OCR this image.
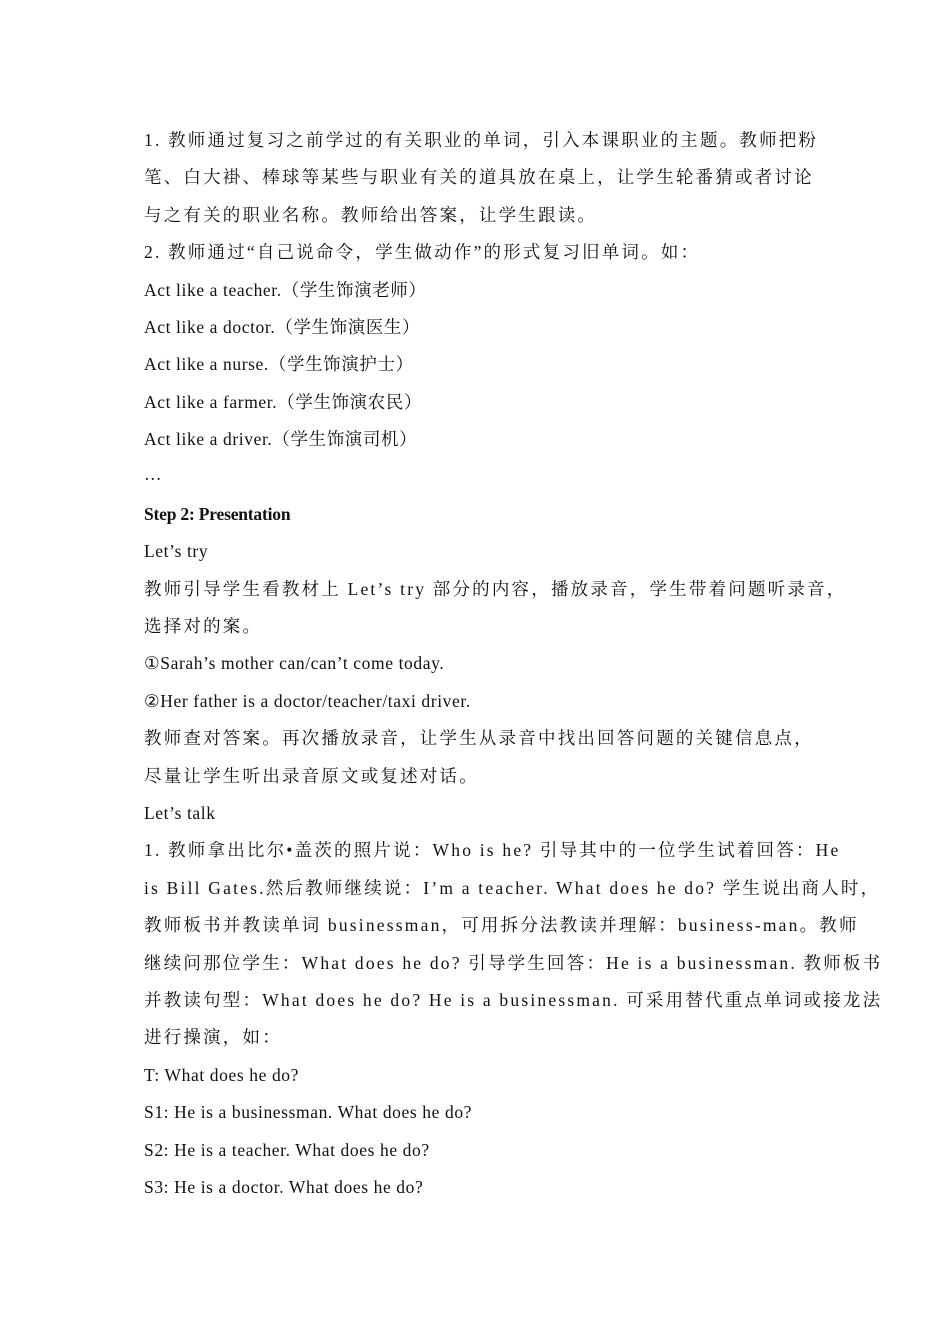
1. 教师通过复习之前学过的有关职业的单词，引入本课职业的主题。教师把粉
笔、白大褂、棒球等某些与职业有关的道具放在桌上，让学生轮番猜或者讨论
与之有关的职业名称。教师给出答案，让学生跟读。
2. 教师通过“自己说命令，学生做动作”的形式复习旧单词。如：
Act like a teacher.（学生饰演老师）
Act like a doctor.（学生饰演医生）
Act like a nurse.（学生饰演护士）
Act like a farmer.（学生饰演农民）
Act like a driver.（学生饰演司机）
…
Step 2: Presentation
Let’s try
教师引导学生看教材上 Let’s try 部分的内容，播放录音，学生带着问题听录音，
选择对的案。
①Sarah’s mother can/can’t come today.
②Her father is a doctor/teacher/taxi driver.
教师查对答案。再次播放录音，让学生从录音中找出回答问题的关键信息点，
尽量让学生听出录音原文或复述对话。
Let’s talk
1. 教师拿出比尔•盖茨的照片说：Who is he? 引导其中的一位学生试着回答：He
is Bill Gates.然后教师继续说：I’m a teacher. What does he do? 学生说出商人时，
教师板书并教读单词 businessman，可用拆分法教读并理解：business-man。教师
继续问那位学生：What does he do? 引导学生回答：He is a businessman. 教师板书
并教读句型：What does he do? He is a businessman. 可采用替代重点单词或接龙法
进行操演，如：
T: What does he do?
S1: He is a businessman. What does he do?
S2: He is a teacher. What does he do?
S3: He is a doctor. What does he do?
